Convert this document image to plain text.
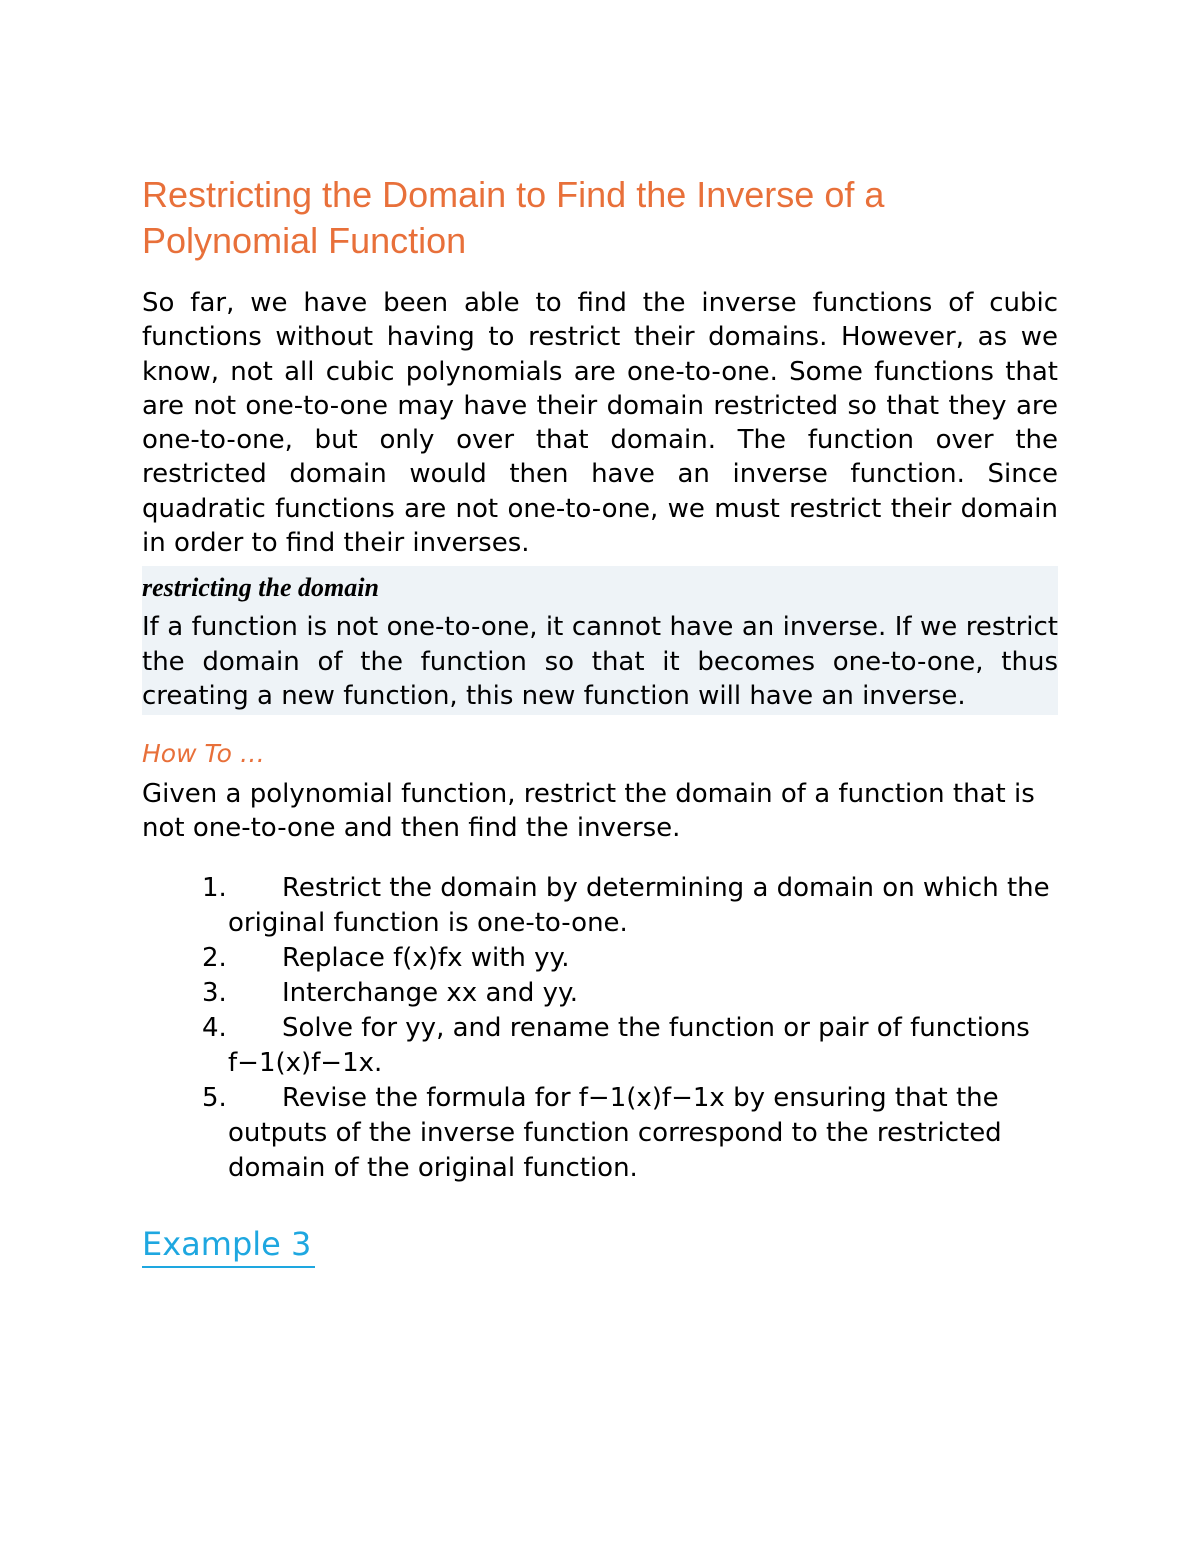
Restricting the Domain to Find the Inverse of a Polynomial Function

So far, we have been able to find the inverse functions of cubic functions without having to restrict their domains. However, as we know, not all cubic polynomials are one-to-one. Some functions that are not one-to-one may have their domain restricted so that they are one-to-one, but only over that domain. The function over the restricted domain would then have an inverse function. Since quadratic functions are not one-to-one, we must restrict their domain in order to find their inverses.

restricting the domain

If a function is not one-to-one, it cannot have an inverse. If we restrict the domain of the function so that it becomes one-to-one, thus creating a new function, this new function will have an inverse.

How To …

Given a polynomial function, restrict the domain of a function that is not one-to-one and then find the inverse.

1. Restrict the domain by determining a domain on which the original function is one-to-one.
2. Replace f(x)fx with yy.
3. Interchange xx and yy.
4. Solve for yy, and rename the function or pair of functions f−1(x)f−1x.
5. Revise the formula for f−1(x)f−1x by ensuring that the outputs of the inverse function correspond to the restricted domain of the original function.
Example 3
